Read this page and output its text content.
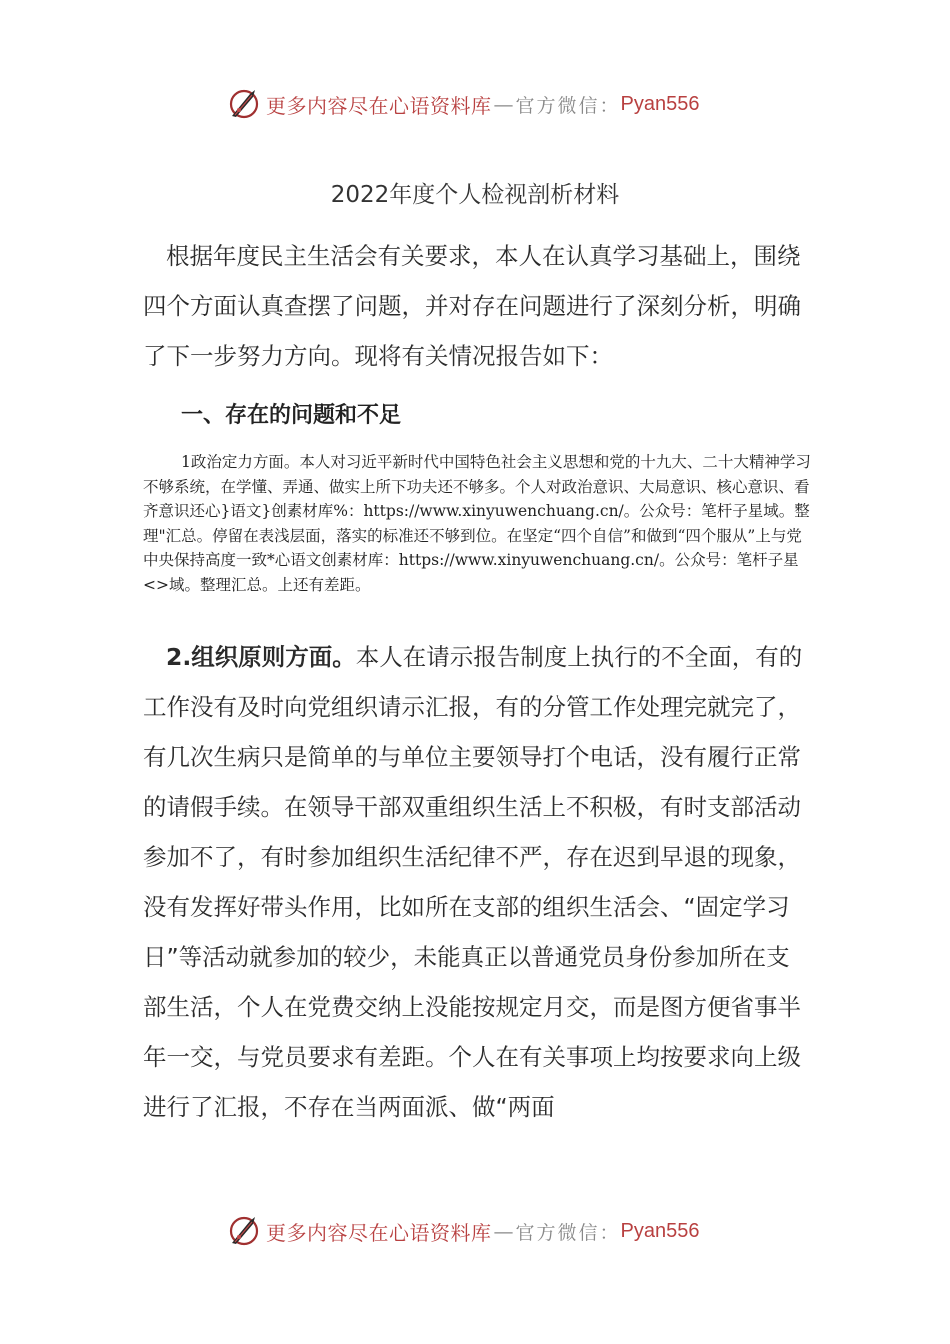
更多内容尽在心语资料库 — 官方微信： Pyan556
2022年度个人检视剖析材料

根据年度民主生活会有关要求，本人在认真学习基础上，围绕四个方面认真查摆了问题，并对存在问题进行了深刻分析，明确了下一步努力方向。现将有关情况报告如下：

一、存在的问题和不足

1政治定力方面。本人对习近平新时代中国特色社会主义思想和党的十九大、二十大精神学习不够系统，在学懂、弄通、做实上所下功夫还不够多。个人对政治意识、大局意识、核心意识、看齐意识还心}语文}创素材库%：https://www.xinyuwenchuang.cn/。公众号：笔杆子星域。整理"汇总。停留在表浅层面，落实的标准还不够到位。在坚定“四个自信”和做到“四个服从”上与党中央保持高度一致*心语文创素材库：https://www.xinyuwenchuang.cn/。公众号：笔杆子星<>域。整理汇总。上还有差距。

2.组织原则方面。本人在请示报告制度上执行的不全面，有的工作没有及时向党组织请示汇报，有的分管工作处理完就完了，有几次生病只是简单的与单位主要领导打个电话，没有履行正常的请假手续。在领导干部双重组织生活上不积极，有时支部活动参加不了，有时参加组织生活纪律不严，存在迟到早退的现象，没有发挥好带头作用，比如所在支部的组织生活会、“固定学习日”等活动就参加的较少，未能真正以普通党员身份参加所在支部生活，个人在党费交纳上没能按规定月交，而是图方便省事半年一交，与党员要求有差距。个人在有关事项上均按要求向上级进行了汇报，不存在当两面派、做“两面

更多内容尽在心语资料库 — 官方微信： Pyan556
